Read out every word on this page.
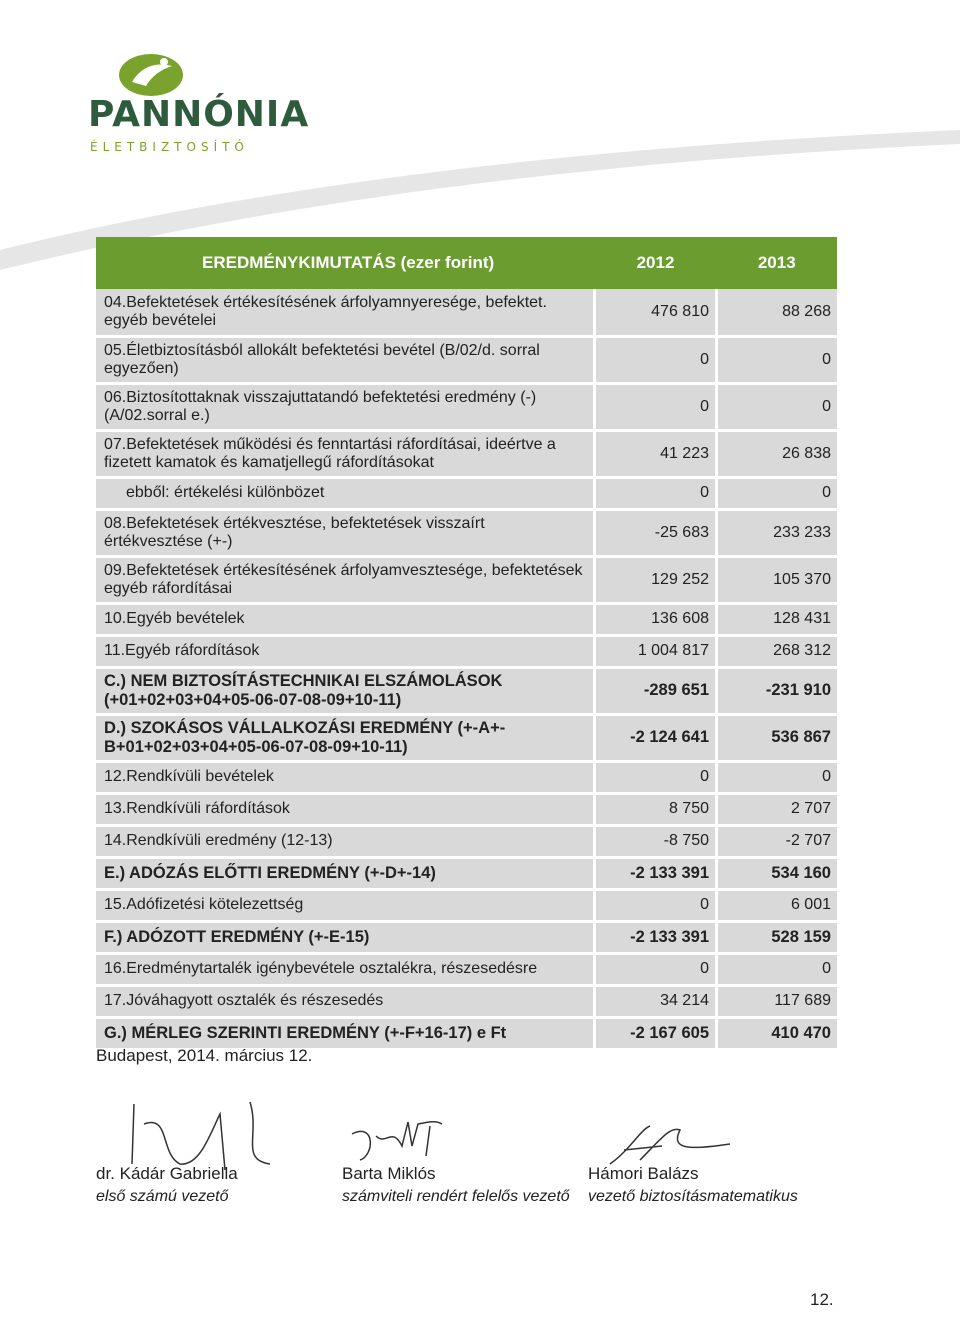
PANNÓNIA
ÉLETBIZTOSÍTÓ
EREDMÉNYKIMUTATÁS (ezer forint)	2012	2013
04.Befektetések értékesítésének árfolyamnyeresége, befektet. egyéb bevételei	476 810	88 268
05.Életbiztosításból allokált befektetési bevétel (B/02/d. sorral egyezően)	0	0
06.Biztosítottaknak visszajuttatandó befektetési eredmény (-) (A/02.sorral e.)	0	0
07.Befektetések működési és fenntartási ráfordításai, ideértve a fizetett kamatok és kamatjellegű ráfordításokat	41 223	26 838
ebből: értékelési különbözet	0	0
08.Befektetések értékvesztése, befektetések visszaírt értékvesztése (+-)	-25 683	233 233
09.Befektetések értékesítésének árfolyamvesztesége, befektetések egyéb ráfordításai	129 252	105 370
10.Egyéb bevételek	136 608	128 431
11.Egyéb ráfordítások	1 004 817	268 312
C.) NEM BIZTOSÍTÁSTECHNIKAI ELSZÁMOLÁSOK (+01+02+03+04+05-06-07-08-09+10-11)	-289 651	-231 910
D.) SZOKÁSOS VÁLLALKOZÁSI EREDMÉNY (+-A+-B+01+02+03+04+05-06-07-08-09+10-11)	-2 124 641	536 867
12.Rendkívüli bevételek	0	0
13.Rendkívüli ráfordítások	8 750	2 707
14.Rendkívüli eredmény (12-13)	-8 750	-2 707
E.) ADÓZÁS ELŐTTI EREDMÉNY (+-D+-14)	-2 133 391	534 160
15.Adófizetési kötelezettség	0	6 001
F.) ADÓZOTT EREDMÉNY (+-E-15)	-2 133 391	528 159
16.Eredménytartalék igénybevétele osztalékra, részesedésre	0	0
17.Jóváhagyott osztalék és részesedés	34 214	117 689
G.) MÉRLEG SZERINTI EREDMÉNY (+-F+16-17) e Ft	-2 167 605	410 470
Budapest, 2014. március 12.
dr. Kádár Gabriella
első számú vezető
Barta Miklós
számviteli rendért felelős vezető
Hámori Balázs
vezető biztosításmatematikus
12.
